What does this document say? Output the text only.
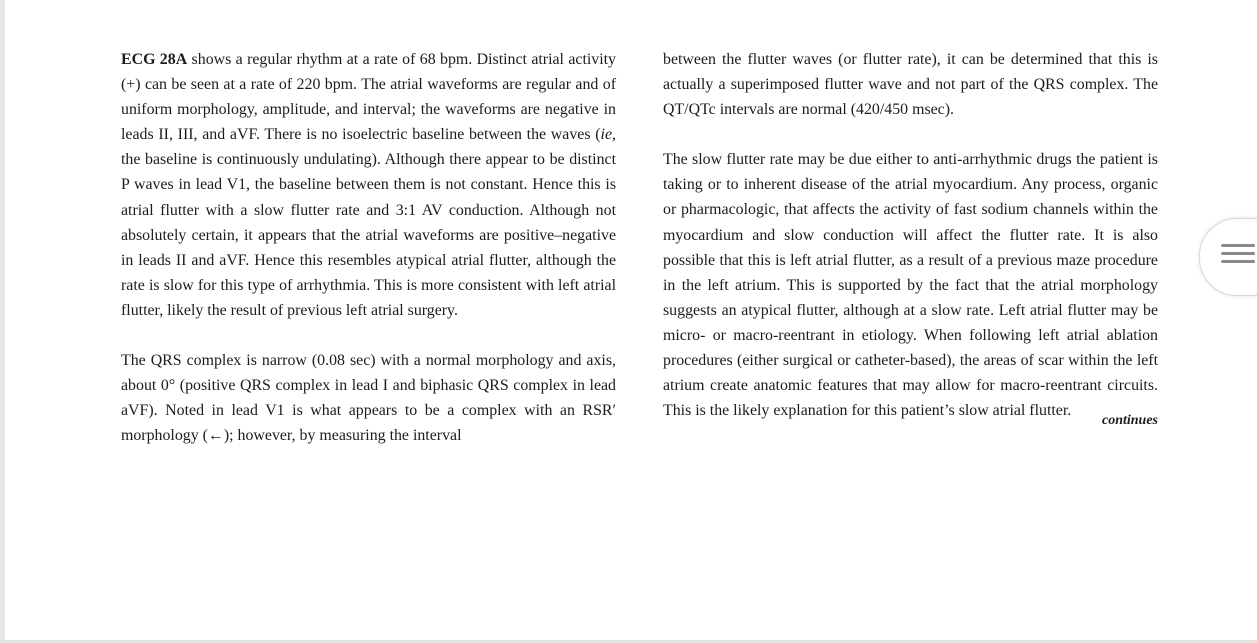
ECG 28A shows a regular rhythm at a rate of 68 bpm. Distinct atrial activity (+) can be seen at a rate of 220 bpm. The atrial waveforms are regular and of uniform morphology, amplitude, and interval; the waveforms are negative in leads II, III, and aVF. There is no isoelectric baseline between the waves (ie, the baseline is continuously undulating). Although there appear to be distinct P waves in lead V1, the baseline between them is not constant. Hence this is atrial flutter with a slow flutter rate and 3:1 AV conduction. Although not absolutely certain, it appears that the atrial waveforms are positive–negative in leads II and aVF. Hence this resembles atypical atrial flutter, although the rate is slow for this type of arrhythmia. This is more consistent with left atrial flutter, likely the result of previous left atrial surgery.

The QRS complex is narrow (0.08 sec) with a normal morphology and axis, about 0° (positive QRS complex in lead I and biphasic QRS complex in lead aVF). Noted in lead V1 is what appears to be a complex with an RSR′ morphology (←); however, by measuring the interval

between the flutter waves (or flutter rate), it can be determined that this is actually a superimposed flutter wave and not part of the QRS complex. The QT/QTc intervals are normal (420/450 msec).

The slow flutter rate may be due either to anti-arrhythmic drugs the patient is taking or to inherent disease of the atrial myocardium. Any process, organic or pharmacologic, that affects the activity of fast sodium channels within the myocardium and slow conduction will affect the flutter rate. It is also possible that this is left atrial flutter, as a result of a previous maze procedure in the left atrium. This is supported by the fact that the atrial morphology suggests an atypical flutter, although at a slow rate. Left atrial flutter may be micro- or macro-reentrant in etiology. When following left atrial ablation procedures (either surgical or catheter-based), the areas of scar within the left atrium create anatomic features that may allow for macro-reentrant circuits. This is the likely explanation for this patient’s slow atrial flutter.

continues
